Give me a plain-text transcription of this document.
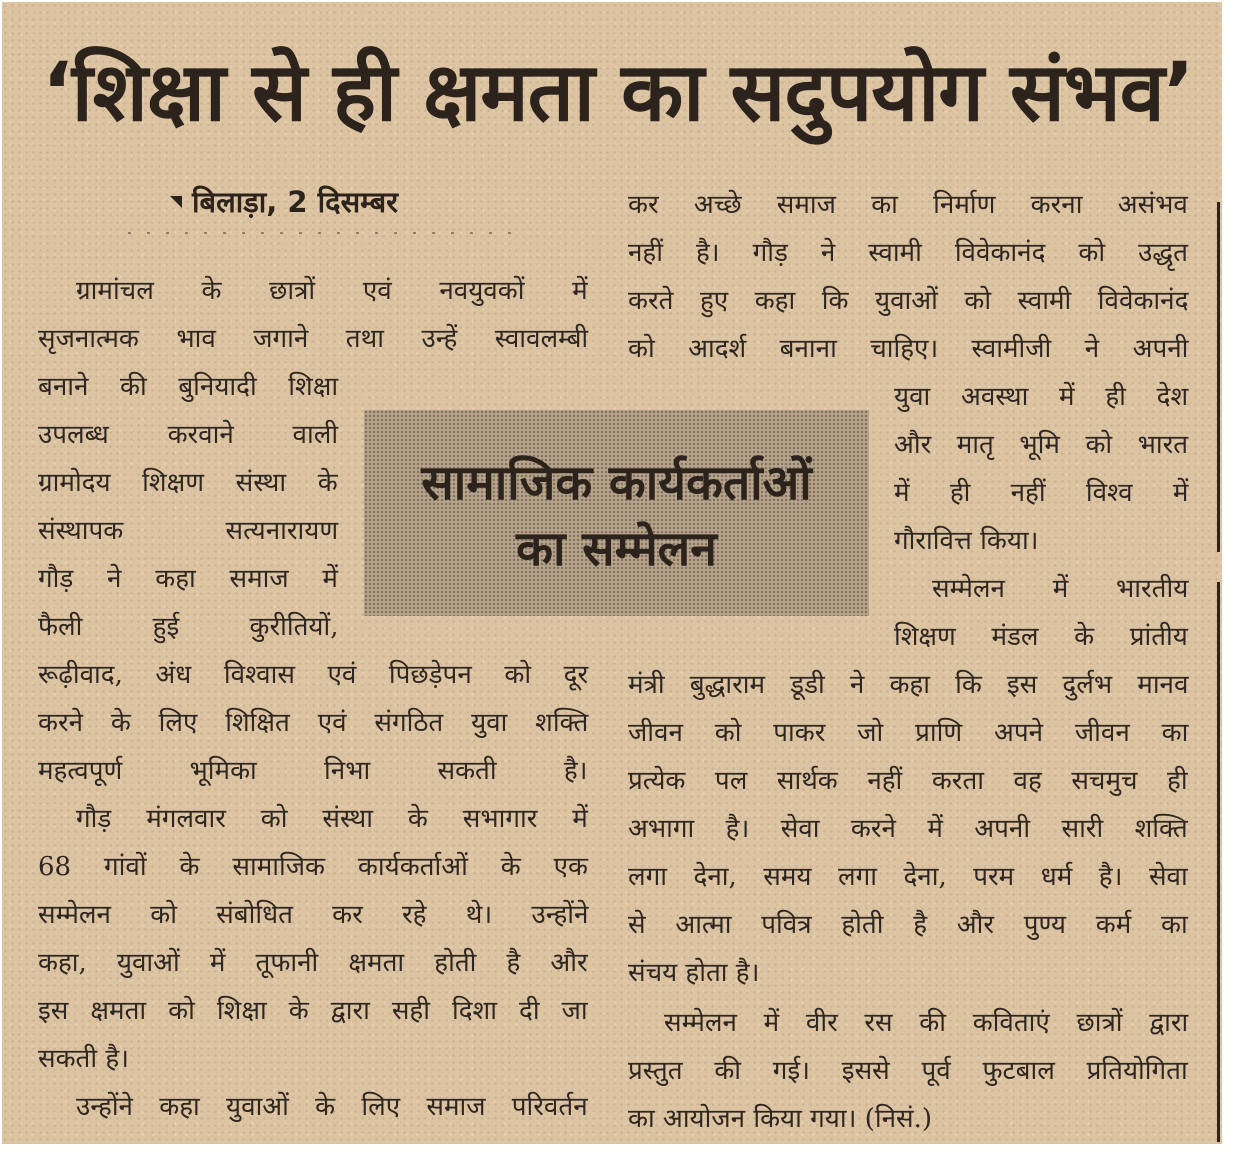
‘शिक्षा से ही क्षमता का सदुपयोग संभव’
बिलाड़ा, 2 दिसम्बर
सामाजिक कार्यकर्ताओं
का सम्मेलन
ग्रामांचल के छात्रों एवं नवयुवकों में
सृजनात्मक भाव जगाने तथा उन्हें स्वावलम्बी
बनाने की बुनियादी शिक्षा
उपलब्ध करवाने वाली
ग्रामोदय शिक्षण संस्था के
संस्थापक सत्यनारायण
गौड़ ने कहा समाज में
फैली हुई कुरीतियों,
रूढ़ीवाद, अंध विश्वास एवं पिछड़ेपन को दूर
करने के लिए शिक्षित एवं संगठित युवा शक्ति
महत्वपूर्ण भूमिका निभा सकती है।
गौड़ मंगलवार को संस्था के सभागार में
68 गांवों के सामाजिक कार्यकर्ताओं के एक
सम्मेलन को संबोधित कर रहे थे। उन्होंने
कहा, युवाओं में तूफानी क्षमता होती है और
इस क्षमता को शिक्षा के द्वारा सही दिशा दी जा
सकती है।
उन्होंने कहा युवाओं के लिए समाज परिवर्तन
कर अच्छे समाज का निर्माण करना असंभव
नहीं है। गौड़ ने स्वामी विवेकानंद को उद्धृत
करते हुए कहा कि युवाओं को स्वामी विवेकानंद
को आदर्श बनाना चाहिए। स्वामीजी ने अपनी
युवा अवस्था में ही देश
और मातृ भूमि को भारत
में ही नहीं विश्व में
गौरावित्त किया।
सम्मेलन में भारतीय
शिक्षण मंडल के प्रांतीय
मंत्री बुद्धाराम डूडी ने कहा कि इस दुर्लभ मानव
जीवन को पाकर जो प्राणि अपने जीवन का
प्रत्येक पल सार्थक नहीं करता वह सचमुच ही
अभागा है। सेवा करने में अपनी सारी शक्ति
लगा देना, समय लगा देना, परम धर्म है। सेवा
से आत्मा पवित्र होती है और पुण्य कर्म का
संचय होता है।
सम्मेलन में वीर रस की कविताएं छात्रों द्वारा
प्रस्तुत की गई। इससे पूर्व फुटबाल प्रतियोगिता
का आयोजन किया गया। (निसं.)
